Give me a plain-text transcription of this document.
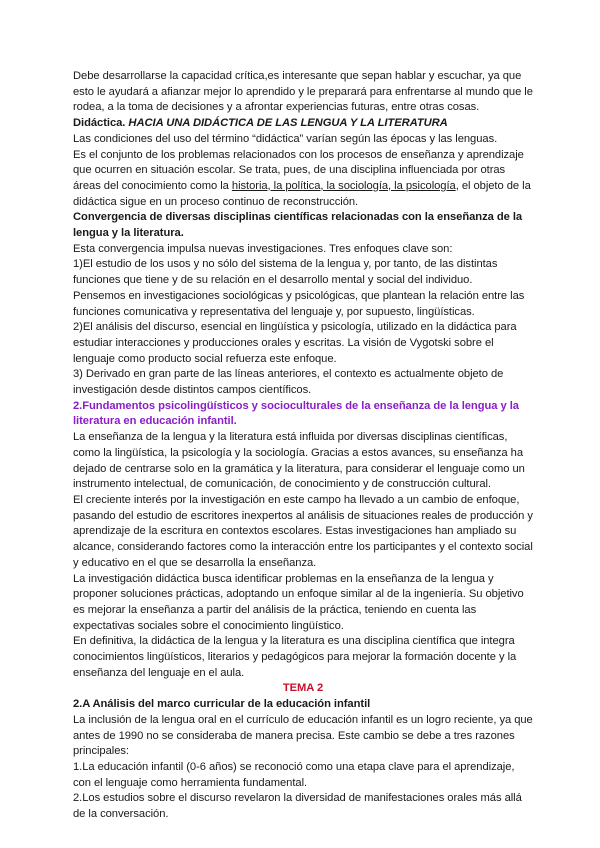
Debe desarrollarse la capacidad crítica,es interesante que sepan hablar y escuchar, ya que esto le ayudará a afianzar mejor lo aprendido y le preparará para enfrentarse al mundo que le rodea, a la toma de decisiones y a afrontar experiencias futuras, entre otras cosas.

Didáctica. HACIA UNA DIDÁCTICA DE LAS LENGUA Y LA LITERATURA

Las condiciones del uso del término “didáctica” varían según las épocas y las lenguas.

Es el conjunto de los problemas relacionados con los procesos de enseñanza y aprendizaje que ocurren en situación escolar. Se trata, pues, de una disciplina influenciada por otras áreas del conocimiento como la historia, la política, la sociología, la psicología, el objeto de la didáctica sigue en un proceso continuo de reconstrucción.

Convergencia de diversas disciplinas científicas relacionadas con la enseñanza de la lengua y la literatura.

Esta convergencia impulsa nuevas investigaciones. Tres enfoques clave son:

1)El estudio de los usos y no sólo del sistema de la lengua y, por tanto, de las distintas funciones que tiene y de su relación en el desarrollo mental y social del individuo.

Pensemos en investigaciones sociológicas y psicológicas, que plantean la relación entre las funciones comunicativa y representativa del lenguaje y, por supuesto, lingüísticas.

2)El análisis del discurso, esencial en lingüística y psicología, utilizado en la didáctica para estudiar interacciones y producciones orales y escritas. La visión de Vygotski sobre el lenguaje como producto social refuerza este enfoque.

3) Derivado en gran parte de las líneas anteriores, el contexto es actualmente objeto de investigación desde distintos campos científicos.

2.Fundamentos psicolingüísticos y socioculturales de la enseñanza de la lengua y la literatura en educación infantil.

La enseñanza de la lengua y la literatura está influida por diversas disciplinas científicas, como la lingüística, la psicología y la sociología. Gracias a estos avances, su enseñanza ha dejado de centrarse solo en la gramática y la literatura, para considerar el lenguaje como un instrumento intelectual, de comunicación, de conocimiento y de construcción cultural.

El creciente interés por la investigación en este campo ha llevado a un cambio de enfoque, pasando del estudio de escritores inexpertos al análisis de situaciones reales de producción y aprendizaje de la escritura en contextos escolares. Estas investigaciones han ampliado su alcance, considerando factores como la interacción entre los participantes y el contexto social y educativo en el que se desarrolla la enseñanza.

La investigación didáctica busca identificar problemas en la enseñanza de la lengua y proponer soluciones prácticas, adoptando un enfoque similar al de la ingeniería. Su objetivo es mejorar la enseñanza a partir del análisis de la práctica, teniendo en cuenta las expectativas sociales sobre el conocimiento lingüístico.

En definitiva, la didáctica de la lengua y la literatura es una disciplina científica que integra conocimientos lingüísticos, literarios y pedagógicos para mejorar la formación docente y la enseñanza del lenguaje en el aula.

TEMA 2

2.A Análisis del marco curricular de la educación infantil

La inclusión de la lengua oral en el currículo de educación infantil es un logro reciente, ya que antes de 1990 no se consideraba de manera precisa. Este cambio se debe a tres razones principales:

1.La educación infantil (0-6 años) se reconoció como una etapa clave para el aprendizaje, con el lenguaje como herramienta fundamental.

2.Los estudios sobre el discurso revelaron la diversidad de manifestaciones orales más allá de la conversación.
